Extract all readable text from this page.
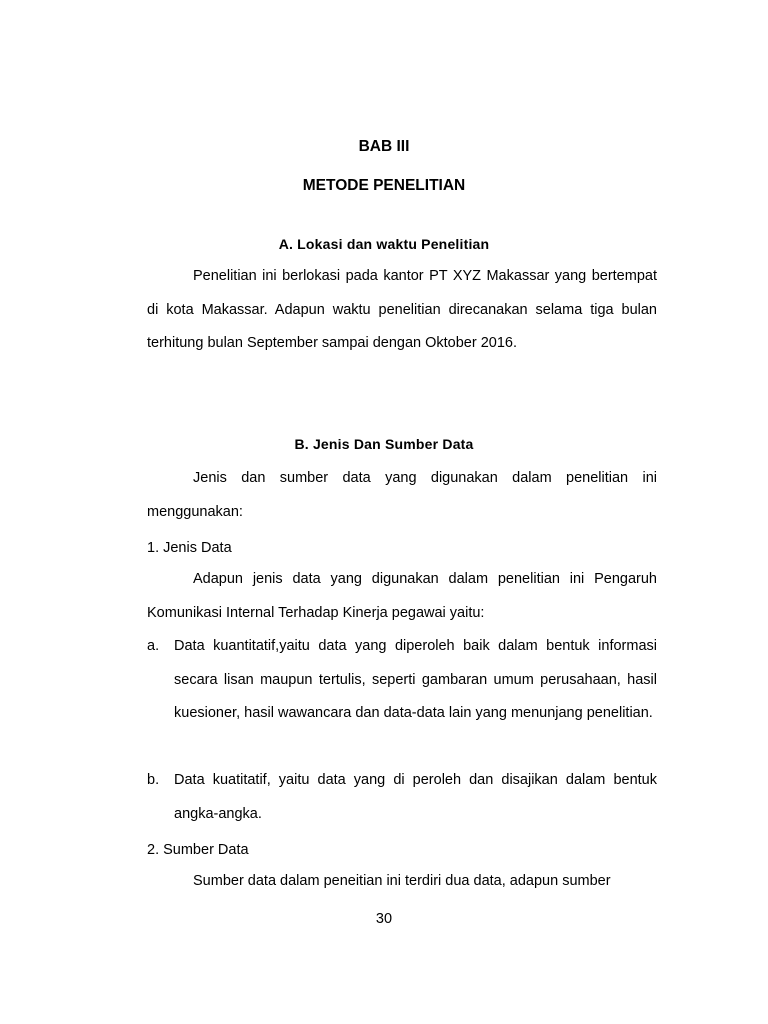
BAB III
METODE PENELITIAN
A. Lokasi dan waktu Penelitian

Penelitian ini berlokasi pada kantor PT XYZ Makassar yang bertempat di kota Makassar. Adapun waktu penelitian direcanakan selama tiga bulan terhitung bulan September sampai dengan Oktober 2016.

B. Jenis Dan Sumber Data

Jenis dan sumber data yang digunakan dalam penelitian ini menggunakan:

1. Jenis Data

Adapun jenis data yang digunakan dalam penelitian ini Pengaruh Komunikasi Internal Terhadap Kinerja pegawai yaitu:

a.	Data kuantitatif,yaitu data yang diperoleh baik dalam bentuk informasi secara lisan maupun tertulis, seperti gambaran umum perusahaan, hasil kuesioner, hasil wawancara dan data-data lain yang menunjang penelitian.

b.	Data kuatitatif, yaitu data yang di peroleh dan disajikan dalam bentuk angka-angka.

2. Sumber Data

Sumber data dalam peneitian ini terdiri dua data, adapun sumber

30
